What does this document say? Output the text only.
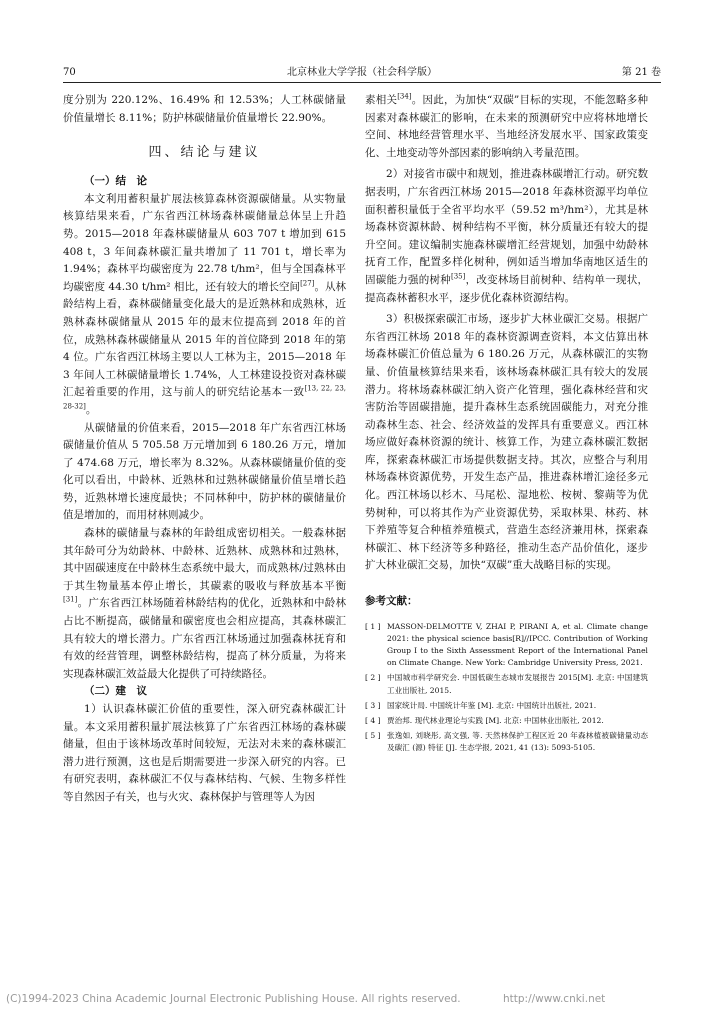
70	北京林业大学学报（社会科学版）	第 21 卷

度分别为 220.12%、16.49% 和 12.53%；人工林碳储量价值量增长 8.11%；防护林碳储量价值量增长 22.90%。

四、结论与建议

（一）结　论

本文利用蓄积量扩展法核算森林资源碳储量。从实物量核算结果来看，广东省西江林场森林碳储量总体呈上升趋势。2015—2018 年森林碳储量从 603 707 t 增加到 615 408 t，3 年间森林碳汇量共增加了 11 701 t，增长率为 1.94%；森林平均碳密度为 22.78 t/hm²，但与全国森林平均碳密度 44.30 t/hm² 相比，还有较大的增长空间[27]。从林龄结构上看，森林碳储量变化最大的是近熟林和成熟林，近熟林森林碳储量从 2015 年的最末位提高到 2018 年的首位，成熟林森林碳储量从 2015 年的首位降到 2018 年的第 4 位。广东省西江林场主要以人工林为主，2015—2018 年 3 年间人工林碳储量增长 1.74%，人工林建设投资对森林碳汇起着重要的作用，这与前人的研究结论基本一致[13, 22, 23, 28-32]。

从碳储量的价值来看，2015—2018 年广东省西江林场碳储量价值从 5 705.58 万元增加到 6 180.26 万元，增加了 474.68 万元，增长率为 8.32%。从森林碳储量价值的变化可以看出，中龄林、近熟林和过熟林碳储量价值呈增长趋势，近熟林增长速度最快；不同林种中，防护林的碳储量价值是增加的，而用材林则减少。

森林的碳储量与森林的年龄组成密切相关。一般森林据其年龄可分为幼龄林、中龄林、近熟林、成熟林和过熟林，其中固碳速度在中龄林生态系统中最大，而成熟林/过熟林由于其生物量基本停止增长，其碳素的吸收与释放基本平衡[31]。广东省西江林场随着林龄结构的优化，近熟林和中龄林占比不断提高，碳储量和碳密度也会相应提高，其森林碳汇具有较大的增长潜力。广东省西江林场通过加强森林抚育和有效的经营管理，调整林龄结构，提高了林分质量，为将来实现森林碳汇效益最大化提供了可持续路径。

（二）建　议

1）认识森林碳汇价值的重要性，深入研究森林碳汇计量。本文采用蓄积量扩展法核算了广东省西江林场的森林碳储量，但由于该林场改革时间较短，无法对未来的森林碳汇潜力进行预测，这也是后期需要进一步深入研究的内容。已有研究表明，森林碳汇不仅与森林结构、气候、生物多样性等自然因子有关，也与火灾、森林保护与管理等人为因

素相关[34]。因此，为加快“双碳”目标的实现，不能忽略多种因素对森林碳汇的影响，在未来的预测研究中应将林地增长空间、林地经营管理水平、当地经济发展水平、国家政策变化、土地变动等外部因素的影响纳入考量范围。

2）对接省市碳中和规划，推进森林碳增汇行动。研究数据表明，广东省西江林场 2015—2018 年森林资源平均单位面积蓄积量低于全省平均水平（59.52 m³/hm²），尤其是林场森林资源林龄、树种结构不平衡，林分质量还有较大的提升空间。建议编制实施森林碳增汇经营规划，加强中幼龄林抚育工作，配置多样化树种，例如适当增加华南地区适生的固碳能力强的树种[35]，改变林场目前树种、结构单一现状，提高森林蓄积水平，逐步优化森林资源结构。

3）积极探索碳汇市场，逐步扩大林业碳汇交易。根据广东省西江林场 2018 年的森林资源调查资料，本文估算出林场森林碳汇价值总量为 6 180.26 万元，从森林碳汇的实物量、价值量核算结果来看，该林场森林碳汇具有较大的发展潜力。将林场森林碳汇纳入资产化管理，强化森林经营和灾害防治等固碳措施，提升森林生态系统固碳能力，对充分推动森林生态、社会、经济效益的发挥具有重要意义。西江林场应做好森林资源的统计、核算工作，为建立森林碳汇数据库，探索森林碳汇市场提供数据支持。其次，应整合与利用林场森林资源优势，开发生态产品，推进森林增汇途径多元化。西江林场以杉木、马尾松、湿地松、桉树、黎蒴等为优势树种，可以将其作为产业资源优势，采取林果、林药、林下养殖等复合种植养殖模式，营造生态经济兼用林，探索森林碳汇、林下经济等多种路径，推动生态产品价值化，逐步扩大林业碳汇交易，加快“双碳”重大战略目标的实现。

参考文献：

[ 1 ] MASSON-DELMOTTE V, ZHAI P, PIRANI A, et al. Climate change 2021: the physical science basis[R]//IPCC. Contribution of Working Group I to the Sixth Assessment Report of the International Panel on Climate Change. New York: Cambridge University Press, 2021.
[ 2 ] 中国城市科学研究会. 中国低碳生态城市发展报告 2015[M]. 北京: 中国建筑工业出版社, 2015.
[ 3 ] 国家统计局. 中国统计年鉴 [M]. 北京: 中国统计出版社, 2021.
[ 4 ] 贾治邦. 现代林业理论与实践 [M]. 北京: 中国林业出版社, 2012.
[ 5 ] 张逸如, 刘晓彤, 高文强, 等. 天然林保护工程区近 20 年森林植被碳储量动态及碳汇 (源) 特征 [J]. 生态学报, 2021, 41 (13): 5093-5105.
(C)1994-2023 China Academic Journal Electronic Publishing House. All rights reserved.	http://www.cnki.net
